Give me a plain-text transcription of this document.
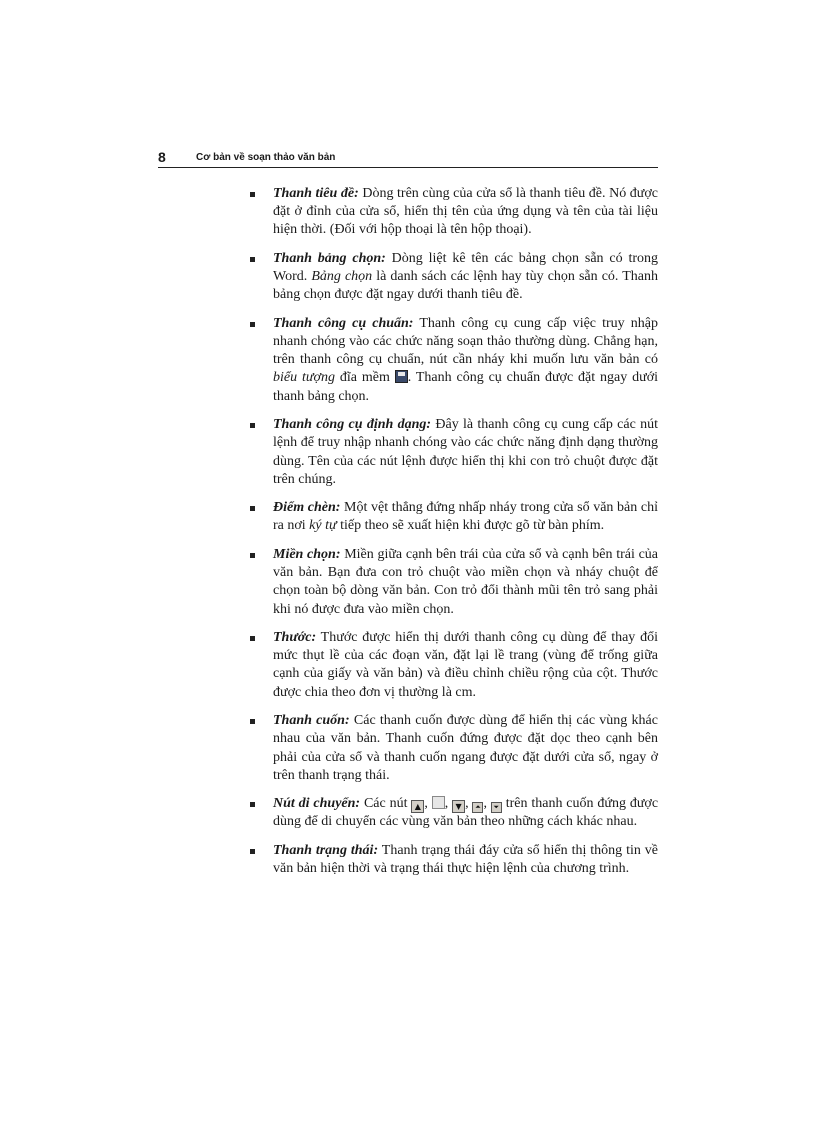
8	Cơ bản về soạn thảo văn bản
Thanh tiêu đề: Dòng trên cùng của cửa sổ là thanh tiêu đề. Nó được đặt ở đỉnh của cửa sổ, hiển thị tên của ứng dụng và tên của tài liệu hiện thời. (Đối với hộp thoại là tên hộp thoại).
Thanh bảng chọn: Dòng liệt kê tên các bảng chọn sẵn có trong Word. Bảng chọn là danh sách các lệnh hay tùy chọn sẵn có. Thanh bảng chọn được đặt ngay dưới thanh tiêu đề.
Thanh công cụ chuẩn: Thanh công cụ cung cấp việc truy nhập nhanh chóng vào các chức năng soạn thảo thường dùng. Chẳng hạn, trên thanh công cụ chuẩn, nút cần nháy khi muốn lưu văn bản có biểu tượng đĩa mềm . Thanh công cụ chuẩn được đặt ngay dưới thanh bảng chọn.
Thanh công cụ định dạng: Đây là thanh công cụ cung cấp các nút lệnh để truy nhập nhanh chóng vào các chức năng định dạng thường dùng. Tên của các nút lệnh được hiển thị khi con trỏ chuột được đặt trên chúng.
Điểm chèn: Một vệt thẳng đứng nhấp nháy trong cửa sổ văn bản chỉ ra nơi ký tự tiếp theo sẽ xuất hiện khi được gõ từ bàn phím.
Miền chọn: Miền giữa cạnh bên trái của cửa sổ và cạnh bên trái của văn bản. Bạn đưa con trỏ chuột vào miền chọn và nháy chuột để chọn toàn bộ dòng văn bản. Con trỏ đổi thành mũi tên trỏ sang phải khi nó được đưa vào miền chọn.
Thước: Thước được hiển thị dưới thanh công cụ dùng để thay đổi mức thụt lề của các đoạn văn, đặt lại lề trang (vùng để trống giữa cạnh của giấy và văn bản) và điều chỉnh chiều rộng của cột. Thước được chia theo đơn vị thường là cm.
Thanh cuốn: Các thanh cuốn được dùng để hiển thị các vùng khác nhau của văn bản. Thanh cuốn đứng được đặt dọc theo cạnh bên phải của cửa sổ và thanh cuốn ngang được đặt dưới cửa sổ, ngay ở trên thanh trạng thái.
Nút di chuyển: Các nút ▲ , , ▼ , ⏶ , ⏷ trên thanh cuốn đứng được dùng để di chuyển các vùng văn bản theo những cách khác nhau.
Thanh trạng thái: Thanh trạng thái đáy cửa sổ hiển thị thông tin về văn bản hiện thời và trạng thái thực hiện lệnh của chương trình.
